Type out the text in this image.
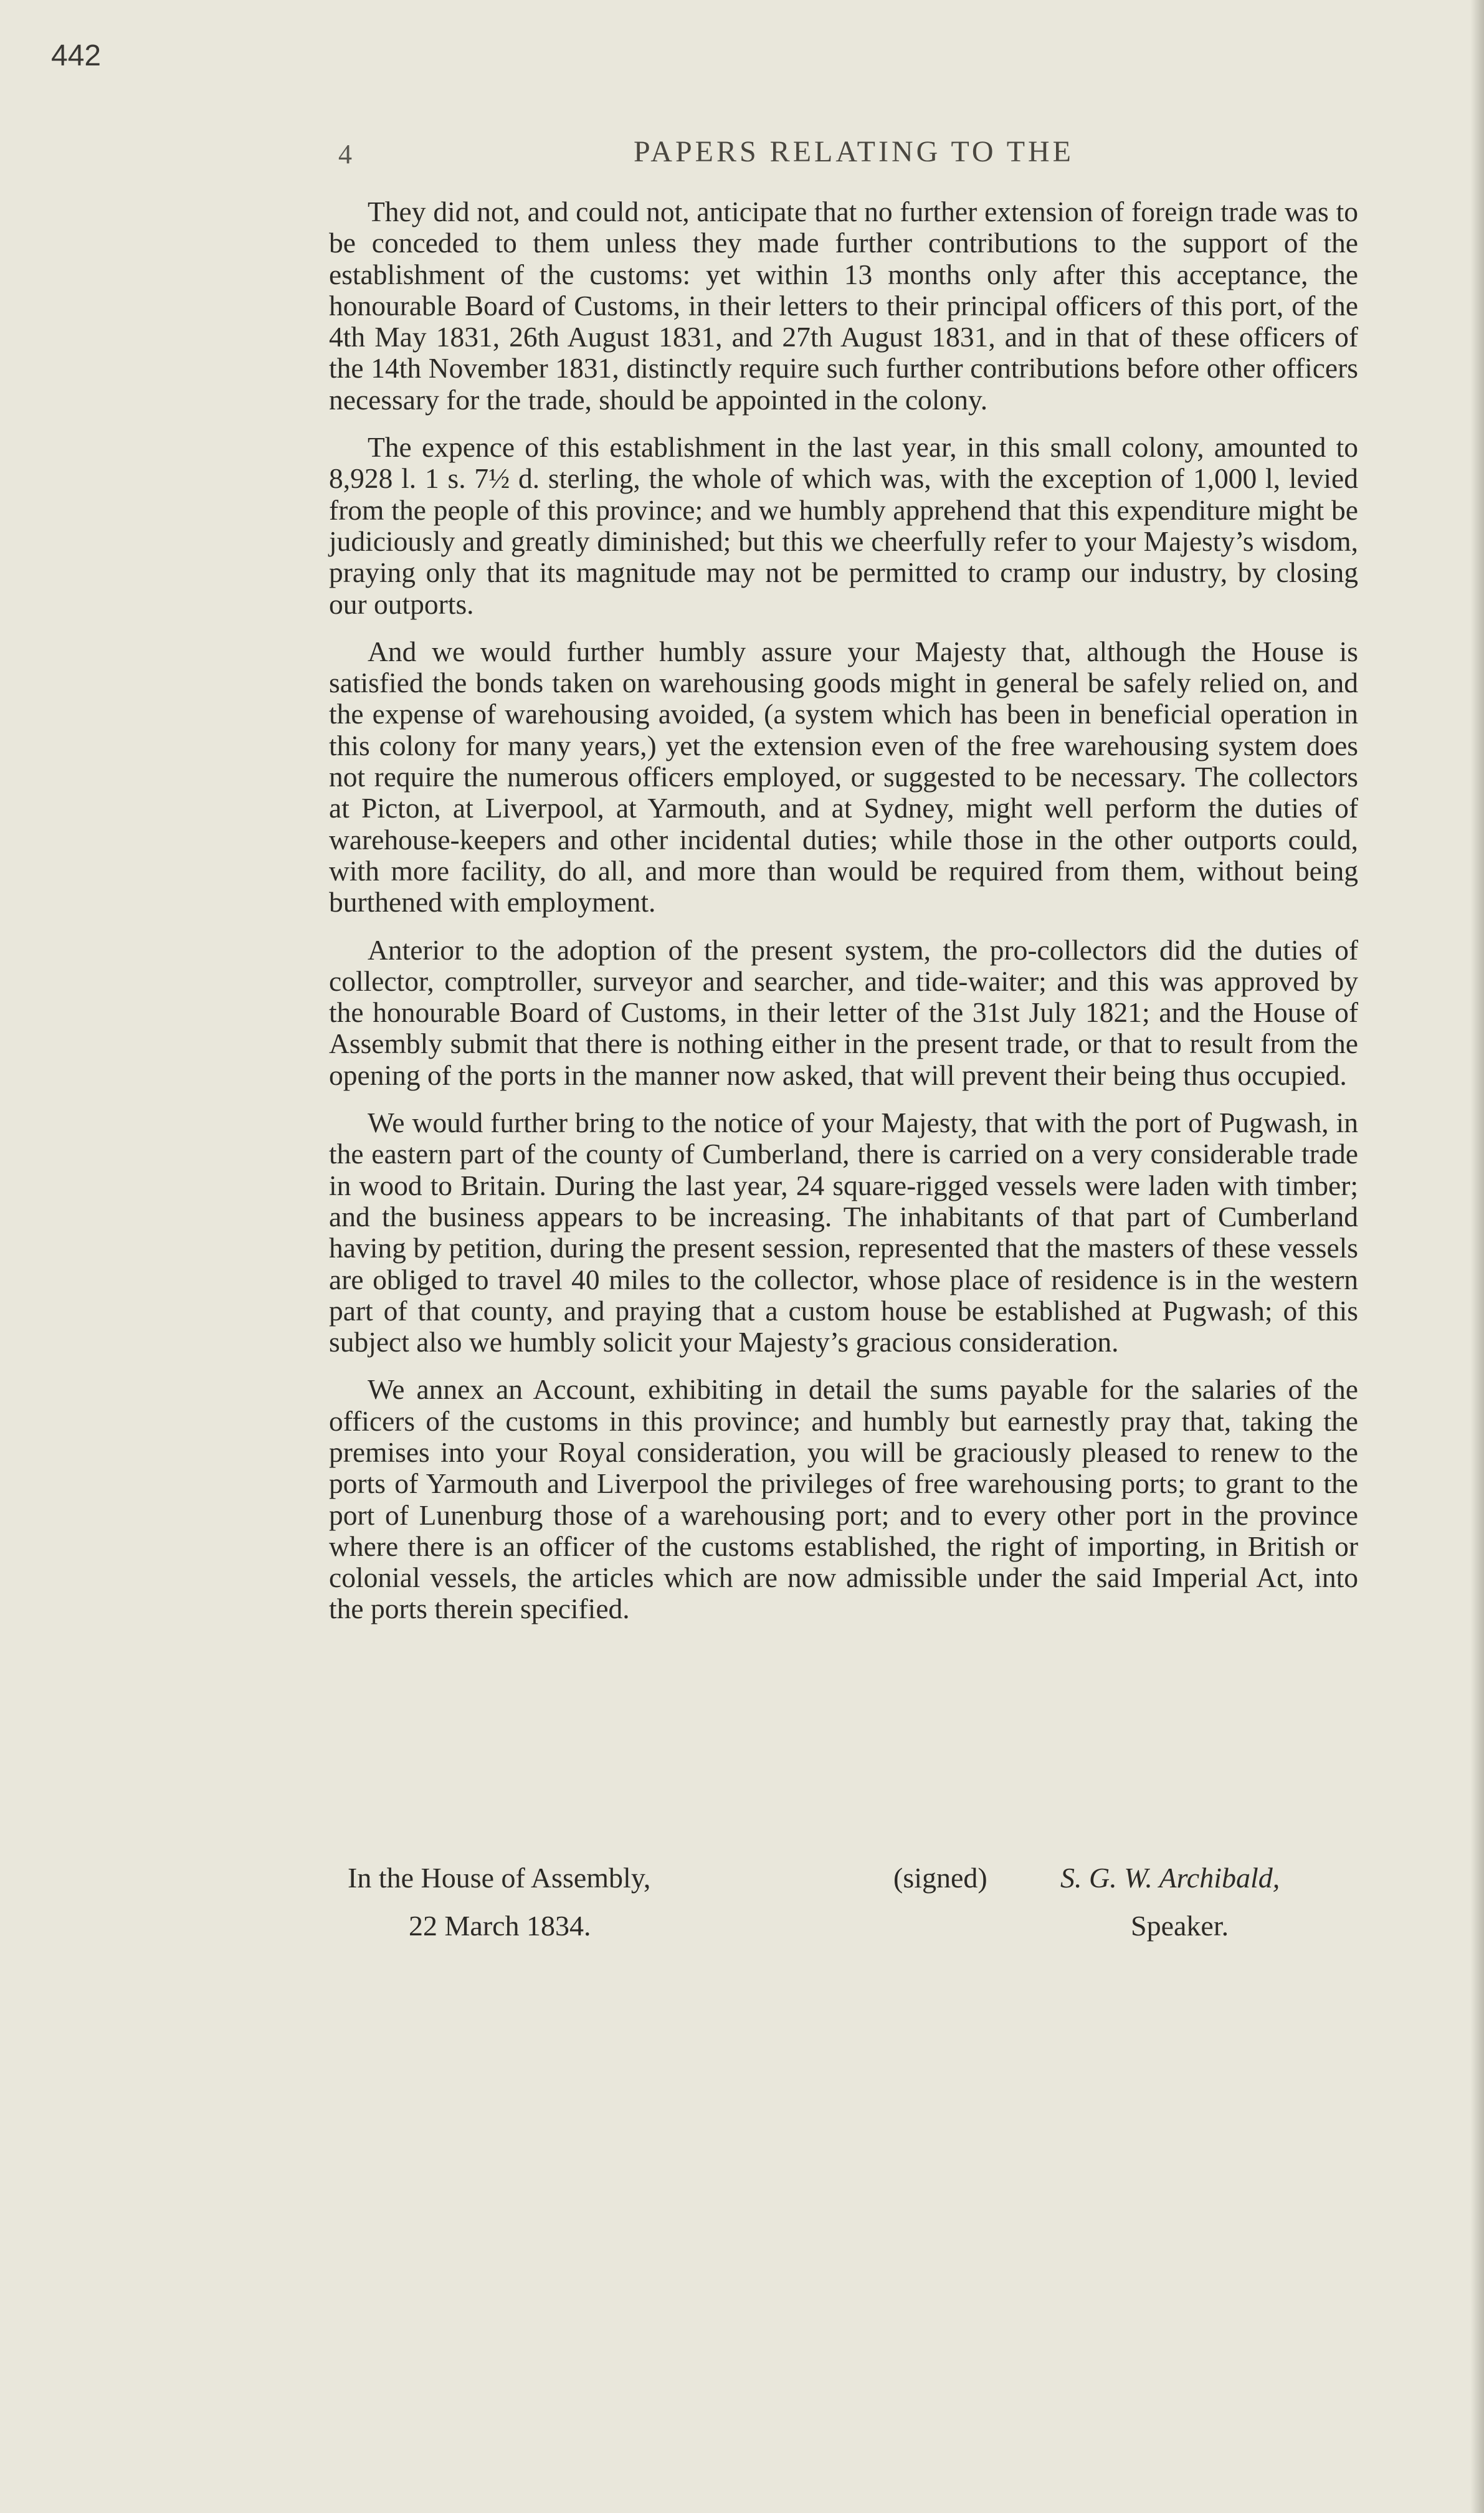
442
4	PAPERS RELATING TO THE

They did not, and could not, anticipate that no further extension of foreign trade was to be conceded to them unless they made further contributions to the support of the establishment of the customs: yet within 13 months only after this acceptance, the honourable Board of Customs, in their letters to their principal officers of this port, of the 4th May 1831, 26th August 1831, and 27th August 1831, and in that of these officers of the 14th November 1831, distinctly require such further contributions before other officers necessary for the trade, should be appointed in the colony.

The expence of this establishment in the last year, in this small colony, amounted to 8,928 l. 1 s. 7½ d. sterling, the whole of which was, with the exception of 1,000 l, levied from the people of this province; and we humbly apprehend that this expenditure might be judiciously and greatly diminished; but this we cheerfully refer to your Majesty’s wisdom, praying only that its magnitude may not be permitted to cramp our industry, by closing our outports.

And we would further humbly assure your Majesty that, although the House is satisfied the bonds taken on warehousing goods might in general be safely relied on, and the expense of warehousing avoided, (a system which has been in beneficial operation in this colony for many years,) yet the extension even of the free warehousing system does not require the numerous officers employed, or suggested to be necessary. The collectors at Picton, at Liverpool, at Yarmouth, and at Sydney, might well perform the duties of warehouse-keepers and other incidental duties; while those in the other outports could, with more facility, do all, and more than would be required from them, without being burthened with employment.

Anterior to the adoption of the present system, the pro-collectors did the duties of collector, comptroller, surveyor and searcher, and tide-waiter; and this was approved by the honourable Board of Customs, in their letter of the 31st July 1821; and the House of Assembly submit that there is nothing either in the present trade, or that to result from the opening of the ports in the manner now asked, that will prevent their being thus occupied.

We would further bring to the notice of your Majesty, that with the port of Pugwash, in the eastern part of the county of Cumberland, there is carried on a very considerable trade in wood to Britain. During the last year, 24 square-rigged vessels were laden with timber; and the business appears to be increasing. The inhabitants of that part of Cumberland having by petition, during the present session, represented that the masters of these vessels are obliged to travel 40 miles to the collector, whose place of residence is in the western part of that county, and praying that a custom house be established at Pugwash; of this subject also we humbly solicit your Majesty’s gracious consideration.

We annex an Account, exhibiting in detail the sums payable for the salaries of the officers of the customs in this province; and humbly but earnestly pray that, taking the premises into your Royal consideration, you will be graciously pleased to renew to the ports of Yarmouth and Liverpool the privileges of free warehousing ports; to grant to the port of Lunenburg those of a warehousing port; and to every other port in the province where there is an officer of the customs established, the right of importing, in British or colonial vessels, the articles which are now admissible under the said Imperial Act, into the ports therein specified.

In the House of Assembly,	(signed)	S. G. W. Archibald,
22 March 1834.	Speaker.
